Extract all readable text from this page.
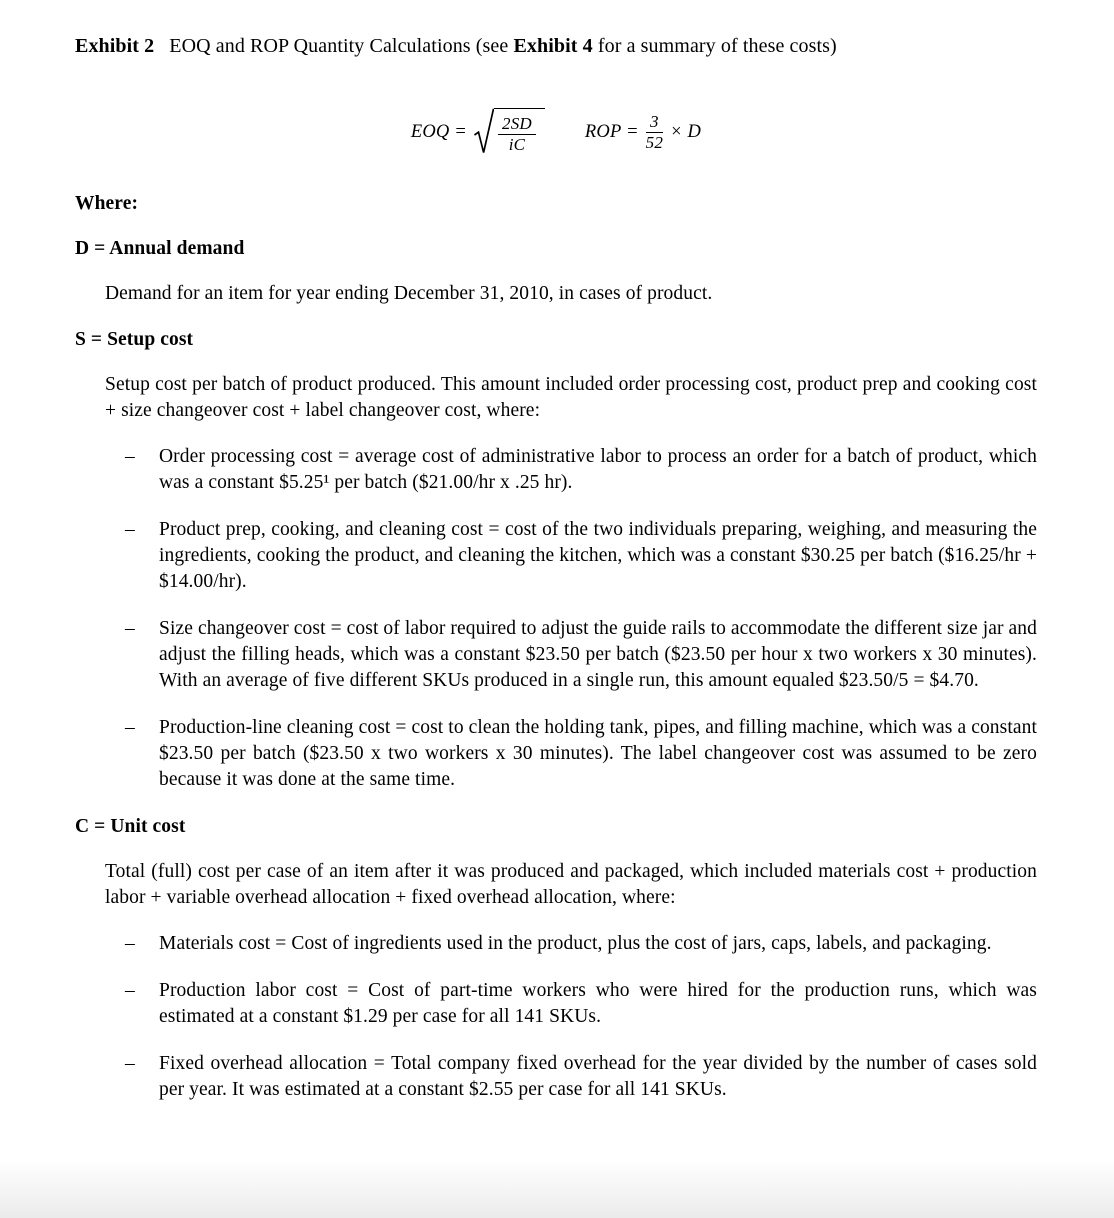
Exhibit 2 EOQ and ROP Quantity Calculations (see Exhibit 4 for a summary of these costs)

EOQ = $\frac{2SD}{iC}$	ROP = $\frac{3}{52} \times D$

Where:

D = Annual demand

Demand for an item for year ending December 31, 2010, in cases of product.

S = Setup cost

Setup cost per batch of product produced. This amount included order processing cost, product prep and cooking cost + size changeover cost + label changeover cost, where:

–	Order processing cost = average cost of administrative labor to process an order for a batch of product, which was a constant $5.25¹ per batch ($21.00/hr x .25 hr).
–	Product prep, cooking, and cleaning cost = cost of the two individuals preparing, weighing, and measuring the ingredients, cooking the product, and cleaning the kitchen, which was a constant $30.25 per batch ($16.25/hr + $14.00/hr).
–	Size changeover cost = cost of labor required to adjust the guide rails to accommodate the different size jar and adjust the filling heads, which was a constant $23.50 per batch ($23.50 per hour x two workers x 30 minutes). With an average of five different SKUs produced in a single run, this amount equaled $23.50/5 = $4.70.
–	Production-line cleaning cost = cost to clean the holding tank, pipes, and filling machine, which was a constant $23.50 per batch ($23.50 x two workers x 30 minutes). The label changeover cost was assumed to be zero because it was done at the same time.

C = Unit cost

Total (full) cost per case of an item after it was produced and packaged, which included materials cost + production labor + variable overhead allocation + fixed overhead allocation, where:

–	Materials cost = Cost of ingredients used in the product, plus the cost of jars, caps, labels, and packaging.
–	Production labor cost = Cost of part-time workers who were hired for the production runs, which was estimated at a constant $1.29 per case for all 141 SKUs.
–	Fixed overhead allocation = Total company fixed overhead for the year divided by the number of cases sold per year. It was estimated at a constant $2.55 per case for all 141 SKUs.
